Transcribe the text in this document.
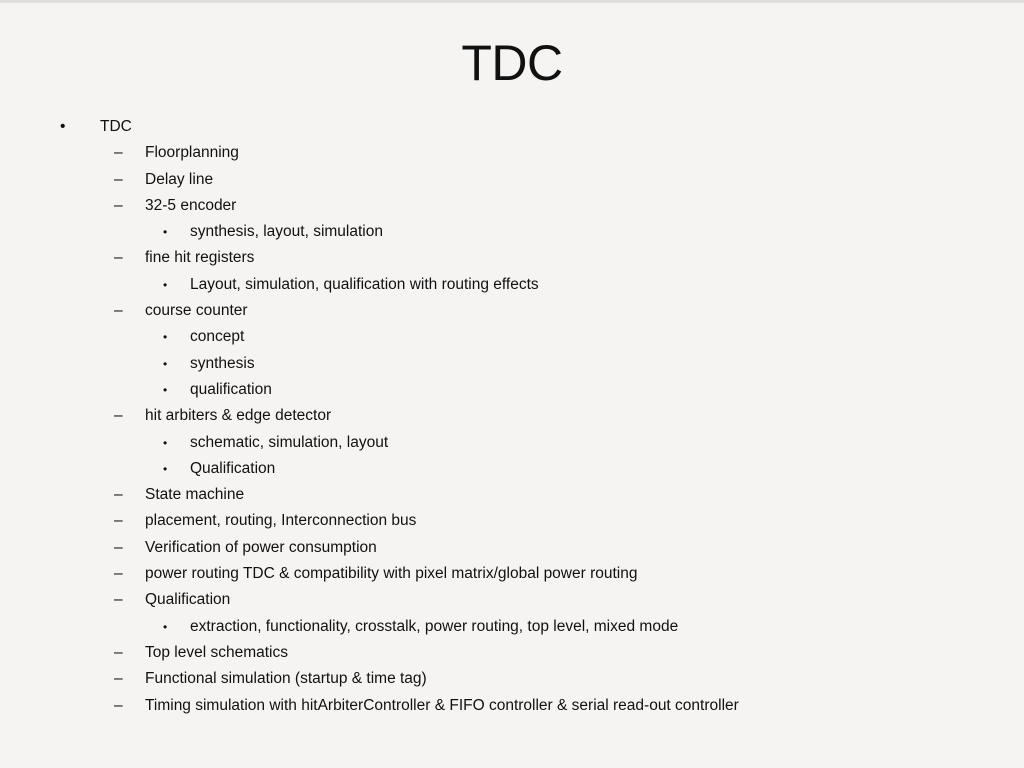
TDC
• TDC
– Floorplanning
– Delay line
– 32-5 encoder
• synthesis, layout, simulation
– fine hit registers
• Layout, simulation, qualification with routing effects
– course counter
• concept
• synthesis
• qualification
– hit arbiters & edge detector
• schematic, simulation, layout
• Qualification
– State machine
– placement, routing, Interconnection bus
– Verification of power consumption
– power routing TDC & compatibility with pixel matrix/global power routing
– Qualification
• extraction, functionality, crosstalk, power routing, top level, mixed mode
– Top level schematics
– Functional simulation (startup & time tag)
– Timing simulation with hitArbiterController & FIFO controller & serial read-out controller
